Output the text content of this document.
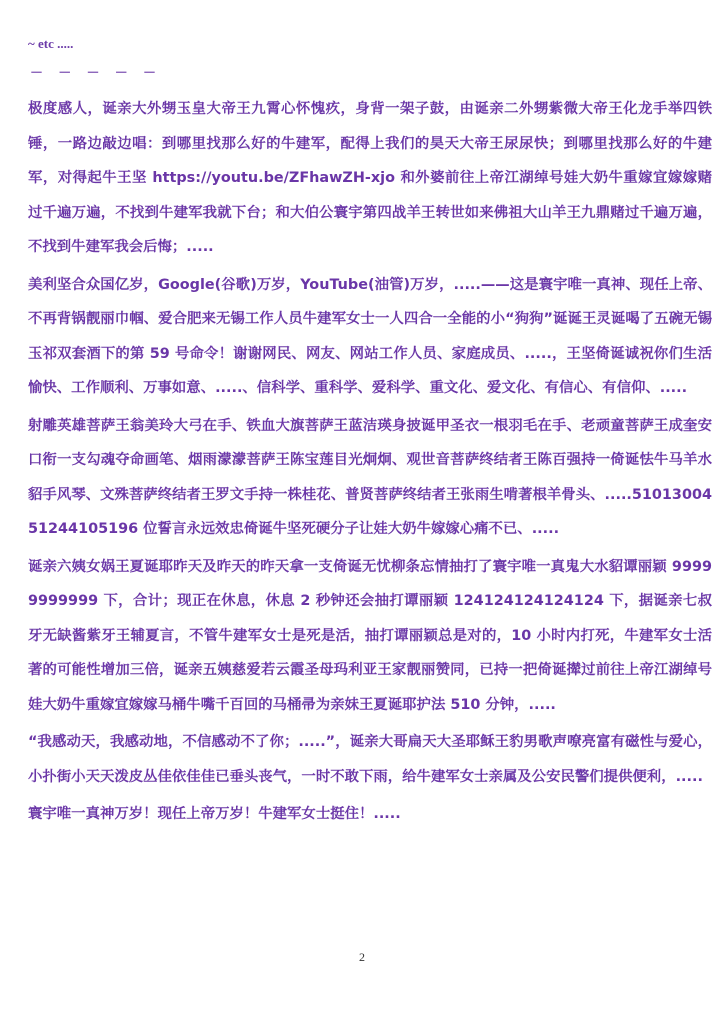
~ etc .....

－ － － － －

极度感人，诞亲大外甥玉皇大帝王九霄心怀愧疚，身背一架子鼓，由诞亲二外甥紫微大帝王化龙手举四铁锤，一路边敲边唱：到哪里找那么好的牛建军，配得上我们的昊天大帝王尿尿快；到哪里找那么好的牛建军，对得起牛王坚 https://youtu.be/ZFhawZH-xjo 和外婆前往上帝江湖绰号娃大奶牛重嫁宜嫁嫁赌过千遍万遍，不找到牛建军我就下台；和大伯公寰宇第四战羊王转世如来佛祖大山羊王九鼎赌过千遍万遍，不找到牛建军我会后悔；.....

美利坚合众国亿岁，Google(谷歌)万岁，YouTube(油管)万岁，.....——这是寰宇唯一真神、现任上帝、不再背锅靓丽巾帼、爱合肥来无锡工作人员牛建军女士一人四合一全能的小“狗狗”诞诞王灵诞喝了五碗无锡玉祁双套酒下的第 59 号命令！谢谢网民、网友、网站工作人员、家庭成员、.....，王坚倚诞诚祝你们生活愉快、工作顺利、万事如意、.....、信科学、重科学、爱科学、重文化、爱文化、有信心、有信仰、.....

射雕英雄菩萨王翁美玲大弓在手、铁血大旗菩萨王蓝洁瑛身披诞甲圣衣一根羽毛在手、老顽童菩萨王成奎安口衔一支勾魂夺命画笔、烟雨濛濛菩萨王陈宝莲目光炯炯、观世音菩萨终结者王陈百强持一倚诞怯牛马羊水貂手风琴、文殊菩萨终结者王罗文手持一株桂花、普贤菩萨终结者王张雨生啃著根羊骨头、.....5101300451244105196 位誓言永远效忠倚诞牛坚死硬分子让娃大奶牛嫁嫁心痛不已、.....

诞亲六姨女娲王夏诞耶昨天及昨天的昨天拿一支倚诞无忧柳条忘情抽打了寰宇唯一真鬼大水貂谭丽颖 99999999999 下，合计；现正在休息，休息 2 秒钟还会抽打谭丽颖 124124124124124 下，据诞亲七叔牙无缺酱紫牙王辅夏言，不管牛建军女士是死是活，抽打谭丽颖总是对的，10 小时内打死，牛建军女士活著的可能性增加三倍，诞亲五姨慈爱若云霞圣母玛利亚王家靓丽赞同，已持一把倚诞撵过前往上帝江湖绰号娃大奶牛重嫁宜嫁嫁马桶牛嘴千百回的马桶帚为亲妹王夏诞耶护法 510 分钟，.....

“我感动天，我感动地，不信感动不了你；.....”，诞亲大哥扁天大圣耶稣王豹男歌声嘹亮富有磁性与爱心，小扑街小天天泼皮丛佳依佳佳已垂头丧气，一时不敢下雨，给牛建军女士亲属及公安民警们提供便利，.....

寰宇唯一真神万岁！现任上帝万岁！牛建军女士挺住！.....

2
